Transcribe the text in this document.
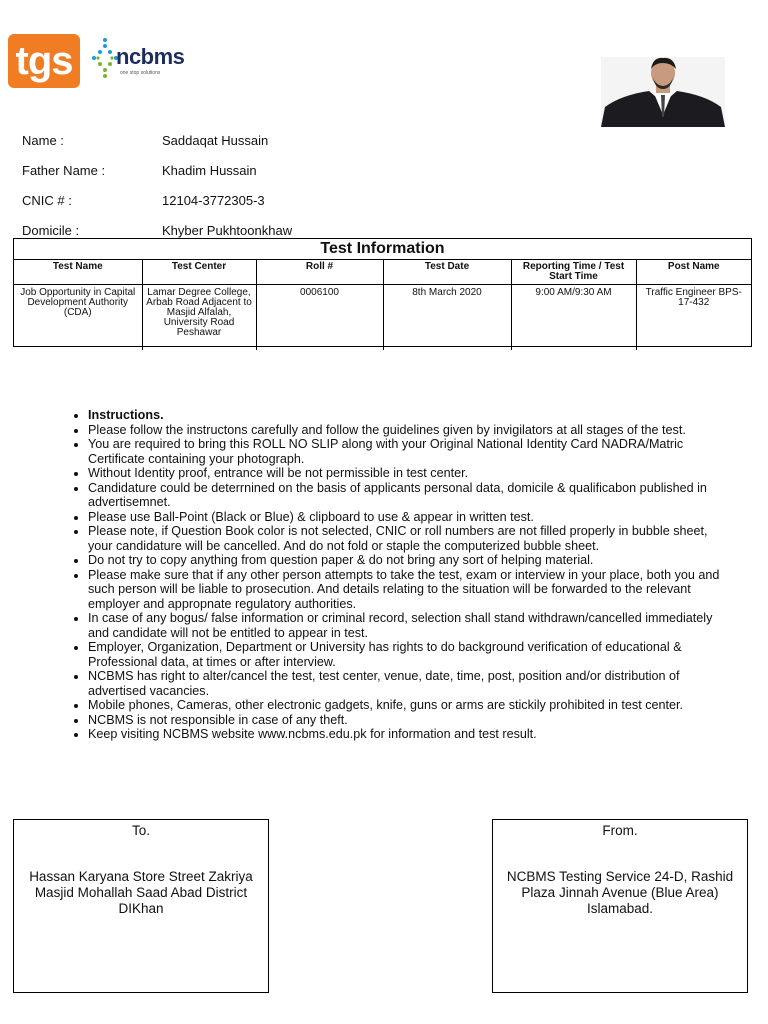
tgs	ncbms
one stop solutions
Name :	Saddaqat Hussain
Father Name :	Khadim Hussain
CNIC # :	12104-3772305-3
Domicile :	Khyber Pukhtoonkhaw
Test Information
Test Name	Test Center	Roll #	Test Date	Reporting Time / Test Start Time	Post Name
Job Opportunity in Capital Development Authority (CDA)	Lamar Degree College, Arbab Road Adjacent to Masjid Alfalah, University Road Peshawar	0006100	8th March 2020	9:00 AM/9:30 AM	Traffic Engineer BPS-17-432
• Instructions.
• Please follow the instructons carefully and follow the guidelines given by invigilators at all stages of the test.
• You are required to bring this ROLL NO SLIP along with your Original National Identity Card NADRA/Matric Certificate containing your photograph.
• Without Identity proof, entrance will be not permissible in test center.
• Candidature could be deterrnined on the basis of applicants personal data, domicile & qualificabon published in advertisemnet.
• Please use Ball-Point (Black or Blue) & clipboard to use & appear in written test.
• Please note, if Question Book color is not selected, CNIC or roll numbers are not filled properly in bubble sheet, your candidature will be cancelled. And do not fold or staple the computerized bubble sheet.
• Do not try to copy anything from question paper & do not bring any sort of helping material.
• Please make sure that if any other person attempts to take the test, exam or interview in your place, both you and such person will be liable to prosecution. And details relating to the situation will be forwarded to the relevant employer and appropnate regulatory authorities.
• In case of any bogus/ false information or criminal record, selection shall stand withdrawn/cancelled immediately and candidate will not be entitled to appear in test.
• Employer, Organization, Department or University has rights to do background verification of educational & Professional data, at times or after interview.
• NCBMS has right to alter/cancel the test, test center, venue, date, time, post, position and/or distribution of advertised vacancies.
• Mobile phones, Cameras, other electronic gadgets, knife, guns or arms are stickily prohibited in test center.
• NCBMS is not responsible in case of any theft.
• Keep visiting NCBMS website www.ncbms.edu.pk for information and test result.
To.
Hassan Karyana Store Street Zakriya Masjid Mohallah Saad Abad District DIKhan
From.
NCBMS Testing Service 24-D, Rashid Plaza Jinnah Avenue (Blue Area) Islamabad.
